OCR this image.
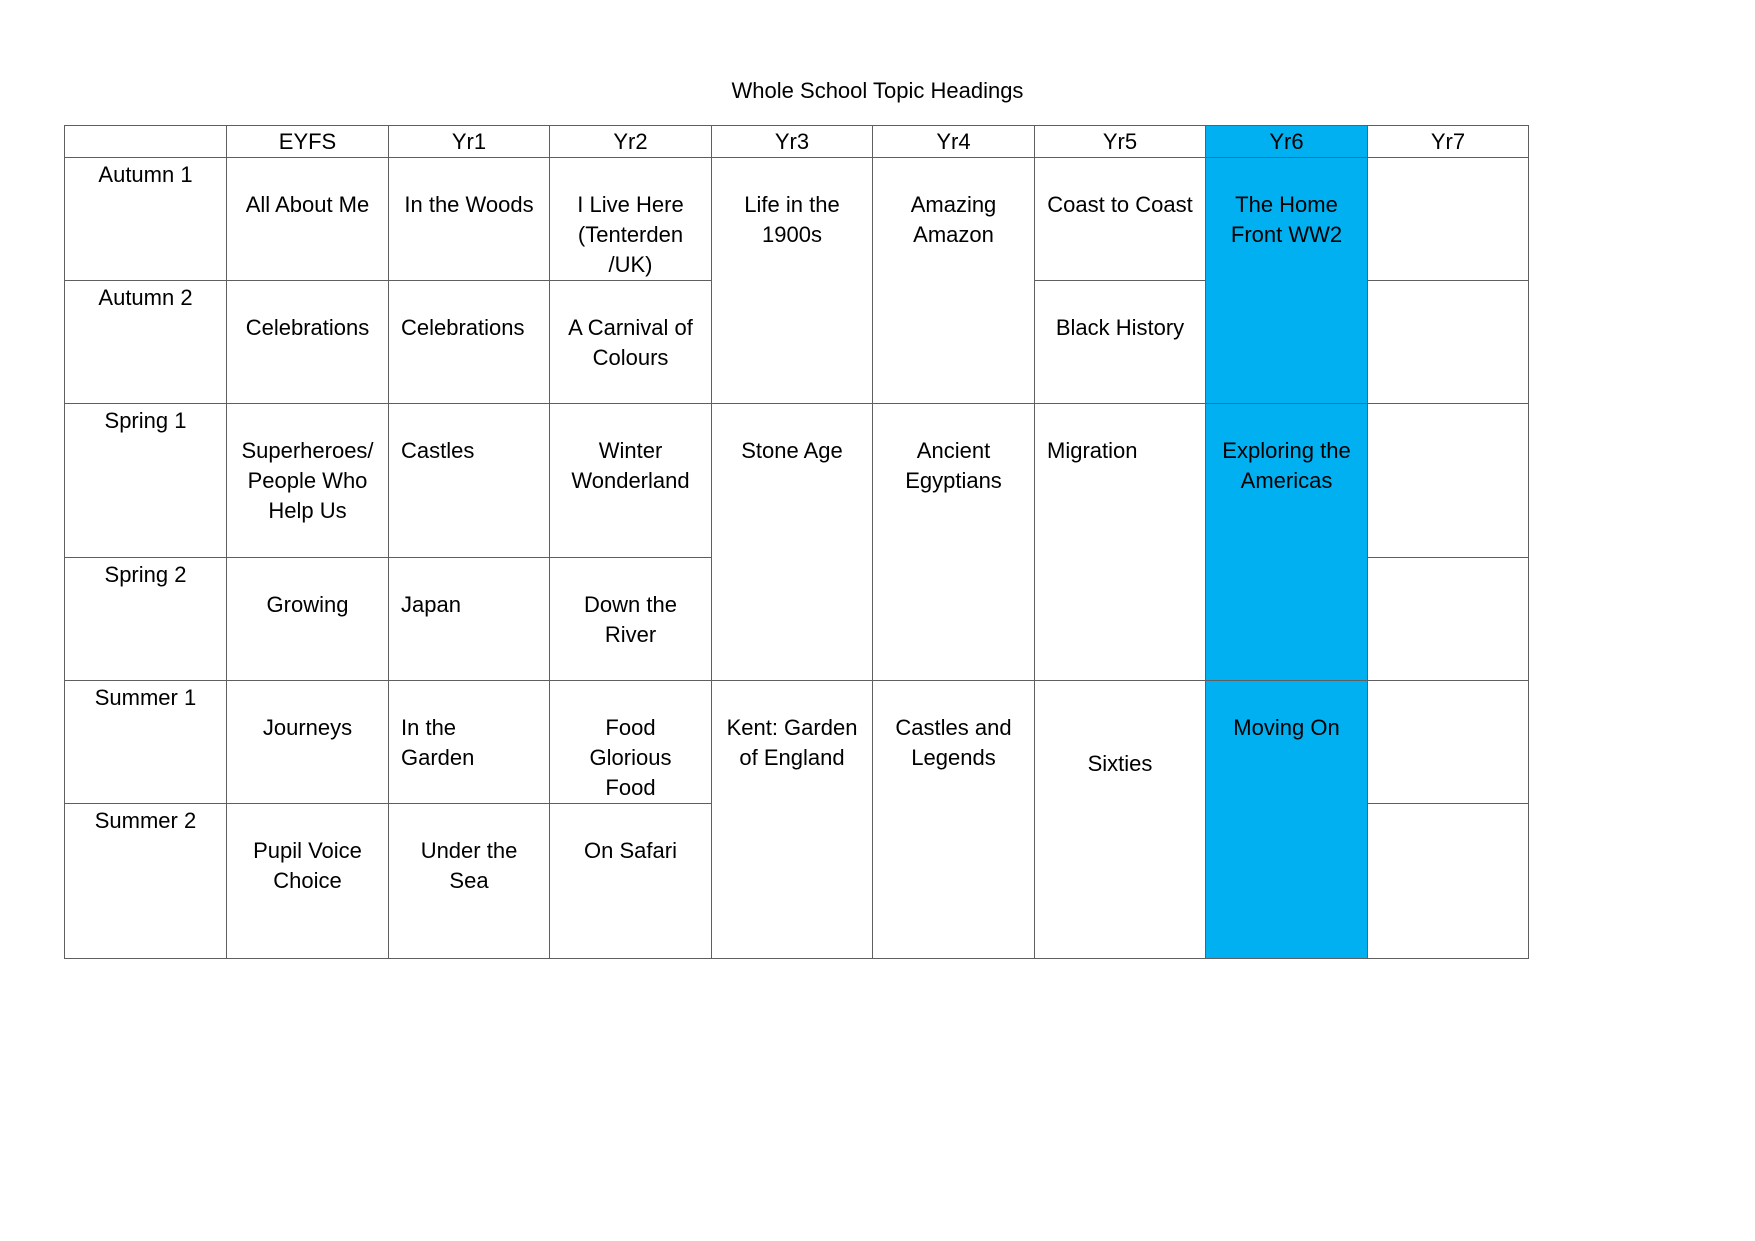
Whole School Topic Headings
	EYFS	Yr1	Yr2	Yr3	Yr4	Yr5	Yr6	Yr7
Autumn 1	All About Me	In the Woods	I Live Here (Tenterden /UK)	Life in the 1900s	Amazing Amazon	Coast to Coast	The Home Front WW2	
Autumn 2	Celebrations	Celebrations	A Carnival of Colours			Black History		
Spring 1	Superheroes/ People Who Help Us	Castles	Winter Wonderland	Stone Age	Ancient Egyptians	Migration	Exploring the Americas	
Spring 2	Growing	Japan	Down the River					
Summer 1	Journeys	In the Garden	Food Glorious Food	Kent: Garden of England	Castles and Legends	Sixties	Moving On	
Summer 2	Pupil Voice Choice	Under the Sea	On Safari					
